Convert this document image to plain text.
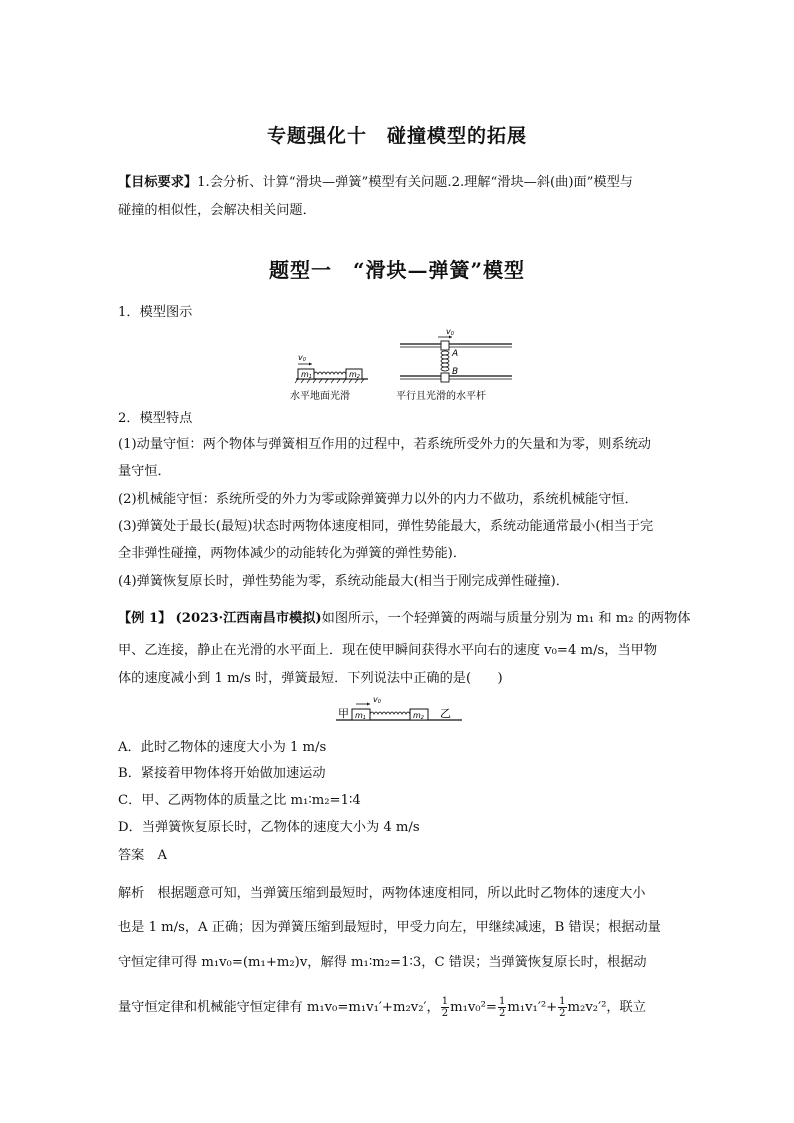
专题强化十　碰撞模型的拓展
【目标要求】1.会分析、计算“滑块—弹簧”模型有关问题.2.理解“滑块—斜(曲)面”模型与
碰撞的相似性，会解决相关问题．
题型一　“滑块—弹簧”模型
1．模型图示
m1	m2
v0
水平地面光滑
A
B
v0
平行且光滑的水平杆
2．模型特点
(1)动量守恒：两个物体与弹簧相互作用的过程中，若系统所受外力的矢量和为零，则系统动
量守恒．
(2)机械能守恒：系统所受的外力为零或除弹簧弹力以外的内力不做功，系统机械能守恒．
(3)弹簧处于最长(最短)状态时两物体速度相同，弹性势能最大，系统动能通常最小(相当于完
全非弹性碰撞，两物体减少的动能转化为弹簧的弹性势能)．
(4)弹簧恢复原长时，弹性势能为零，系统动能最大(相当于刚完成弹性碰撞)．
【例 1】 (2023·江西南昌市模拟)如图所示，一个轻弹簧的两端与质量分别为 m₁ 和 m₂ 的两物体
甲、乙连接，静止在光滑的水平面上．现在使甲瞬间获得水平向右的速度 v₀=4 m/s，当甲物
体的速度减小到 1 m/s 时，弹簧最短．下列说法中正确的是(　　)
甲 m1	m2 乙
v0
A．此时乙物体的速度大小为 1 m/s
B．紧接着甲物体将开始做加速运动
C．甲、乙两物体的质量之比 m₁∶m₂=1∶4
D．当弹簧恢复原长时，乙物体的速度大小为 4 m/s
答案　A
解析　根据题意可知，当弹簧压缩到最短时，两物体速度相同，所以此时乙物体的速度大小
也是 1 m/s，A 正确；因为弹簧压缩到最短时，甲受力向左，甲继续减速，B 错误；根据动量
守恒定律可得 m₁v₀=(m₁+m₂)v，解得 m₁∶m₂=1∶3，C 错误；当弹簧恢复原长时，根据动
量守恒定律和机械能守恒定律有 m₁v₀=m₁v₁′+m₂v₂′， $\frac{1}{2} m_1v_0^2= \frac{1}{2} m_1v_1'^2+ \frac{1}{2} m_2v_2'^2$，联立
